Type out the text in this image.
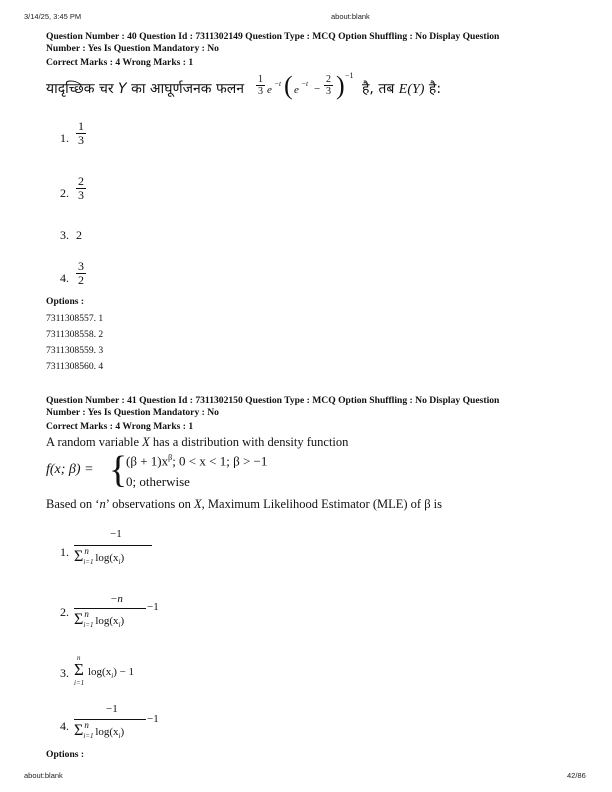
3/14/25, 3:45 PM	about:blank
Question Number : 40 Question Id : 7311302149 Question Type : MCQ Option Shuffling : No Display Question
Number : Yes Is Question Mandatory : No
Correct Marks : 4 Wrong Marks : 1
यादृच्छिक चर Y का आघूर्णजनक फलन
1
3 e
−t ( e
−t −
2
3 ) −1
है, तब E(Y) है:
1.
1
3
2.
2
3
3. 2
4.
3
2
Options :
7311308557. 1
7311308558. 2
7311308559. 3
7311308560. 4
Question Number : 41 Question Id : 7311302150 Question Type : MCQ Option Shuffling : No Display Question
Number : Yes Is Question Mandatory : No
Correct Marks : 4 Wrong Marks : 1
A random variable X has a distribution with density function
f(x; β) = {
$(\beta + 1)x^\beta$; 0 < x < 1; β > −1
0; otherwise
Based on ‘n’ observations on X, Maximum Likelihood Estimator (MLE) of β is
1.
−1
Σ n
i=1 $\log(x_i)$
2.
−n
−1
Σ n
i=1 $\log(x_i)$
3.
n
Σ
i=1
$\log(x_i) - 1$
4.
−1
−1
Σ n
i=1 $\log(x_i)$
Options :
about:blank	42/86
